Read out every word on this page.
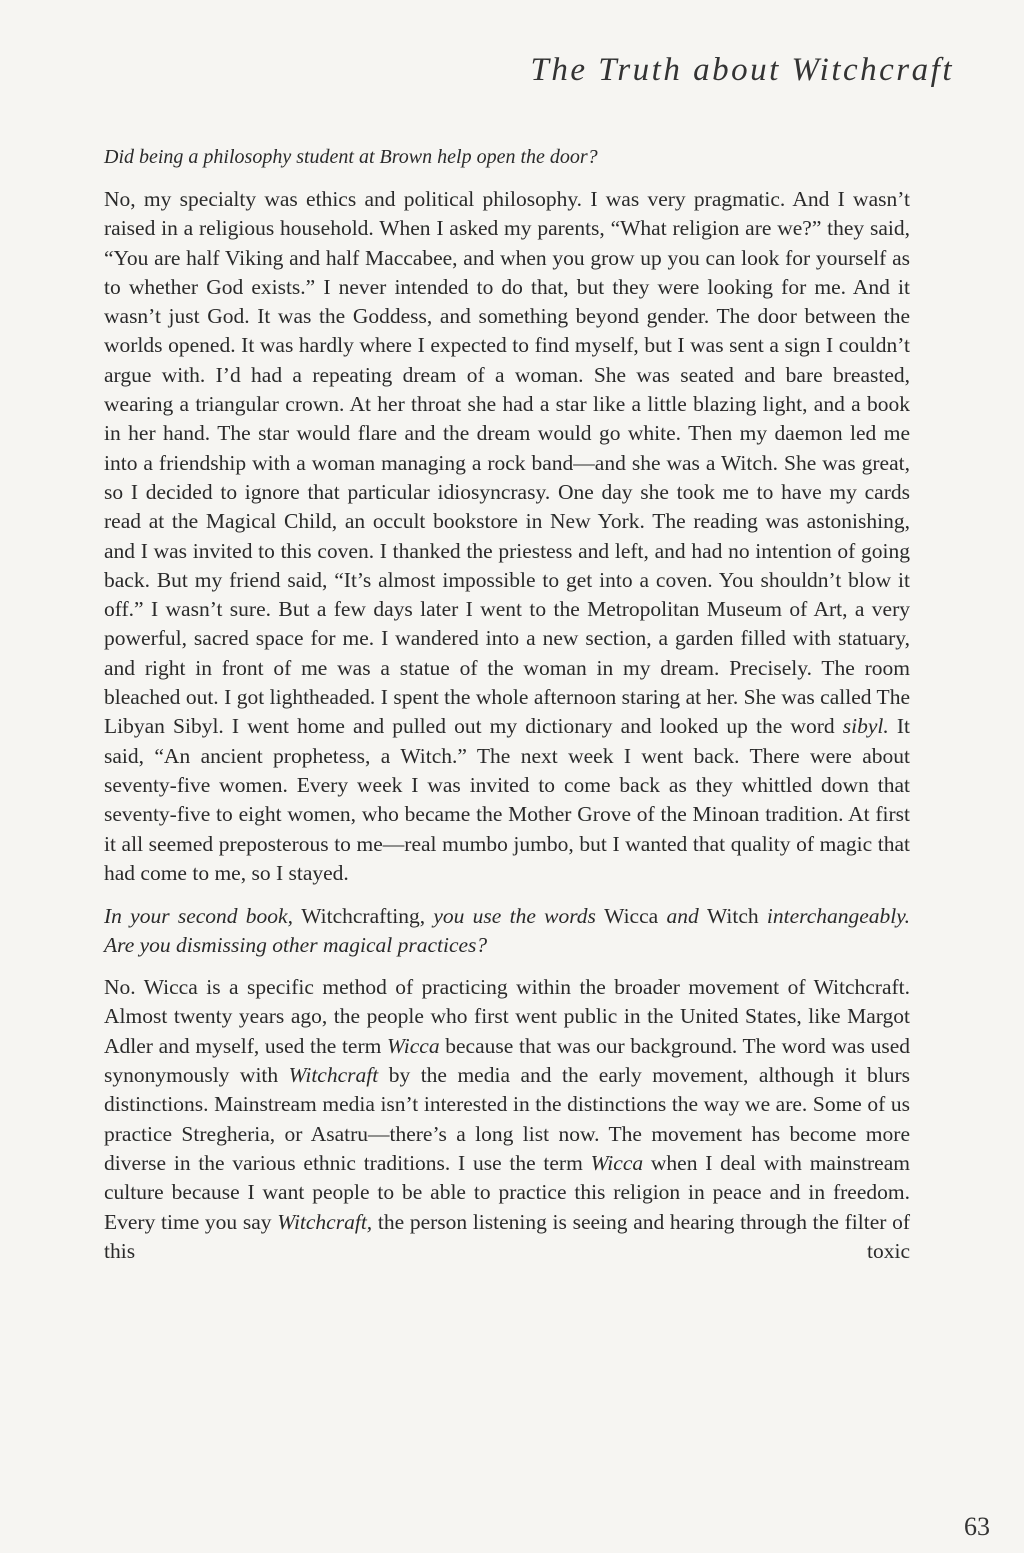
The Truth about Witchcraft

Did being a philosophy student at Brown help open the door?

No, my specialty was ethics and political philosophy. I was very pragmatic. And I wasn’t raised in a religious household. When I asked my parents, “What religion are we?” they said, “You are half Viking and half Maccabee, and when you grow up you can look for yourself as to whether God exists.” I never intended to do that, but they were looking for me. And it wasn’t just God. It was the Goddess, and something beyond gender. The door between the worlds opened. It was hardly where I expected to find myself, but I was sent a sign I couldn’t argue with. I’d had a repeating dream of a woman. She was seated and bare breasted, wearing a triangular crown. At her throat she had a star like a little blazing light, and a book in her hand. The star would flare and the dream would go white. Then my daemon led me into a friendship with a woman managing a rock band—and she was a Witch. She was great, so I decided to ignore that particular idiosyncrasy. One day she took me to have my cards read at the Magical Child, an occult bookstore in New York. The reading was astonishing, and I was invited to this coven. I thanked the priestess and left, and had no intention of going back. But my friend said, “It’s almost impossible to get into a coven. You shouldn’t blow it off.” I wasn’t sure. But a few days later I went to the Metropolitan Museum of Art, a very powerful, sacred space for me. I wandered into a new section, a garden filled with statuary, and right in front of me was a statue of the woman in my dream. Precisely. The room bleached out. I got lightheaded. I spent the whole afternoon staring at her. She was called The Libyan Sibyl. I went home and pulled out my dictionary and looked up the word sibyl. It said, “An ancient prophetess, a Witch.” The next week I went back. There were about seventy-five women. Every week I was invited to come back as they whittled down that seventy-five to eight women, who became the Mother Grove of the Minoan tradition. At first it all seemed preposterous to me—real mumbo jumbo, but I wanted that quality of magic that had come to me, so I stayed.

In your second book, Witchcrafting, you use the words Wicca and Witch interchangeably. Are you dismissing other magical practices?

No. Wicca is a specific method of practicing within the broader movement of Witchcraft. Almost twenty years ago, the people who first went public in the United States, like Margot Adler and myself, used the term Wicca because that was our background. The word was used synonymously with Witchcraft by the media and the early movement, although it blurs distinctions. Mainstream media isn’t interested in the distinctions the way we are. Some of us practice Stregheria, or Asatru—there’s a long list now. The movement has become more diverse in the various ethnic traditions. I use the term Wicca when I deal with mainstream culture because I want people to be able to practice this religion in peace and in freedom. Every time you say Witchcraft, the person listening is seeing and hearing through the filter of this toxic

63
